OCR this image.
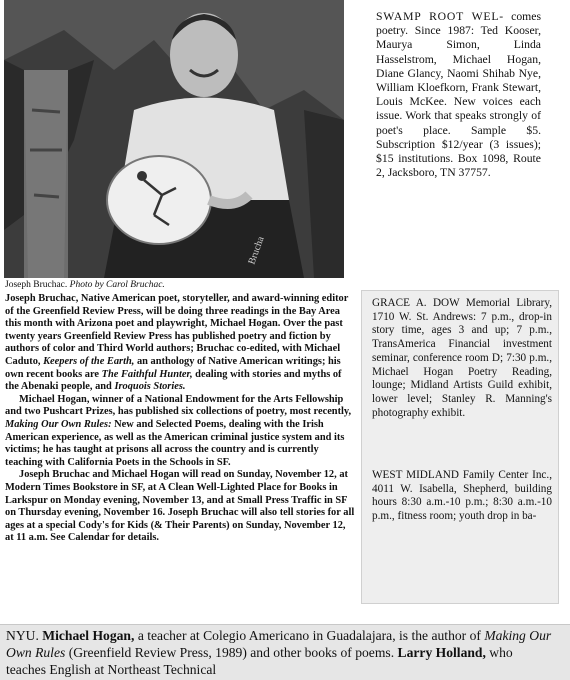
Brucha
Joseph Bruchac. Photo by Carol Bruchac.

Joseph Bruchac, Native American poet, storyteller, and award-winning editor of the Greenfield Review Press, will be doing three readings in the Bay Area this month with Arizona poet and playwright, Michael Hogan. Over the past twenty years Greenfield Review Press has published poetry and fiction by authors of color and Third World authors; Bruchac co-edited, with Michael Caduto, Keepers of the Earth, an anthology of Native American writings; his own recent books are The Faithful Hunter, dealing with stories and myths of the Abenaki people, and Iroquois Stories.

Michael Hogan, winner of a National Endowment for the Arts Fellowship and two Pushcart Prizes, has published six collections of poetry, most recently, Making Our Own Rules: New and Selected Poems, dealing with the Irish American experience, as well as the American criminal justice system and its victims; he has taught at prisons all across the country and is currently teaching with California Poets in the Schools in SF.

Joseph Bruchac and Michael Hogan will read on Sunday, November 12, at Modern Times Bookstore in SF, at A Clean Well-Lighted Place for Books in Larkspur on Monday evening, November 13, and at Small Press Traffic in SF on Thursday evening, November 16. Joseph Bruchac will also tell stories for all ages at a special Cody's for Kids (& Their Parents) on Sunday, November 12, at 11 a.m. See Calendar for details.

SWAMP ROOT WEL- comes poetry. Since 1987: Ted Kooser, Maurya Simon, Linda Hasselstrom, Michael Hogan, Diane Glancy, Naomi Shihab Nye, William Kloefkorn, Frank Stewart, Louis McKee. New voices each issue. Work that speaks strongly of poet's place. Sample $5. Subscription $12/year (3 issues); $15 institutions. Box 1098, Route 2, Jacksboro, TN 37757.
GRACE A. DOW Memorial Library, 1710 W. St. Andrews: 7 p.m., drop-in story time, ages 3 and up; 7 p.m., TransAmerica Financial investment seminar, conference room D; 7:30 p.m., Michael Hogan Poetry Reading, lounge; Midland Artists Guild exhibit, lower level; Stanley R. Manning's photography exhibit.
WEST MIDLAND Family Center Inc., 4011 W. Isabella, Shepherd, building hours 8:30 a.m.-10 p.m.; 8:30 a.m.-10 p.m., fitness room; youth drop in ba-

NYU. Michael Hogan, a teacher at Colegio Americano in Guadalajara, is the author of Making Our Own Rules (Greenfield Review Press, 1989) and other books of poems. Larry Holland, who teaches English at Northeast Technical
